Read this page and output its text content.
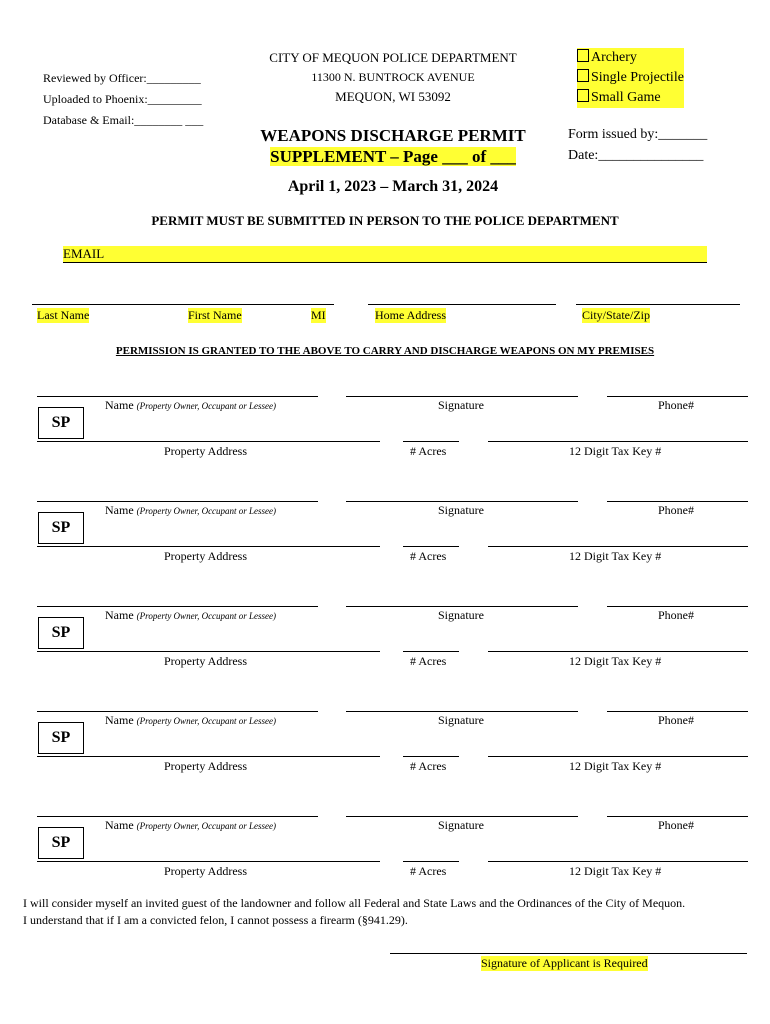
Reviewed by Officer:_________
Uploaded to Phoenix:_________
Database & Email:________ ___
CITY OF MEQUON POLICE DEPARTMENT
11300 N. BUNTROCK AVENUE
MEQUON, WI 53092
Archery
Single Projectile
Small Game
WEAPONS DISCHARGE PERMIT
SUPPLEMENT – Page ___ of ___
April 1, 2023 – March 31, 2024
Form issued by:_______
Date:_______________
PERMIT MUST BE SUBMITTED IN PERSON TO THE POLICE DEPARTMENT
EMAIL
Last Name	First Name	MI	Home Address	City/State/Zip
PERMISSION IS GRANTED TO THE ABOVE TO CARRY AND DISCHARGE WEAPONS ON MY PREMISES
Name (Property Owner, Occupant or Lessee)	Signature	Phone#
SP
Property Address	# Acres	12 Digit Tax Key #
Name (Property Owner, Occupant or Lessee)	Signature	Phone#
SP
Property Address	# Acres	12 Digit Tax Key #
Name (Property Owner, Occupant or Lessee)	Signature	Phone#
SP
Property Address	# Acres	12 Digit Tax Key #
Name (Property Owner, Occupant or Lessee)	Signature	Phone#
SP
Property Address	# Acres	12 Digit Tax Key #
Name (Property Owner, Occupant or Lessee)	Signature	Phone#
SP
Property Address	# Acres	12 Digit Tax Key #
I will consider myself an invited guest of the landowner and follow all Federal and State Laws and the Ordinances of the City of Mequon.
I understand that if I am a convicted felon, I cannot possess a firearm (§941.29).
Signature of Applicant is Required
